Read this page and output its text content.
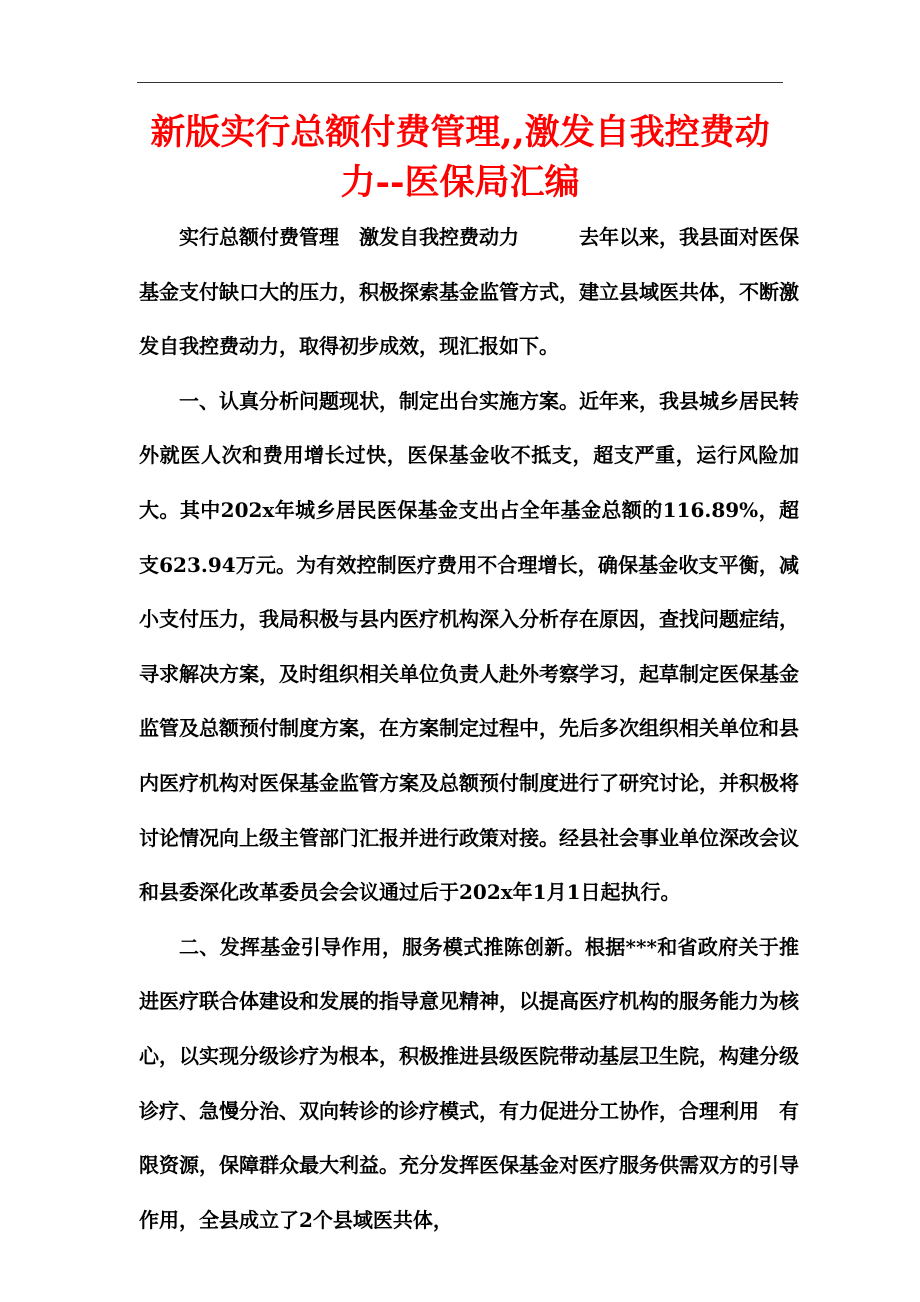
新版实行总额付费管理,,激发自我控费动力--医保局汇编

实行总额付费管理　激发自我控费动力　　　去年以来，我县面对医保基金支付缺口大的压力，积极探索基金监管方式，建立县域医共体，不断激发自我控费动力，取得初步成效，现汇报如下。

一、认真分析问题现状，制定出台实施方案。近年来，我县城乡居民转外就医人次和费用增长过快，医保基金收不抵支，超支严重，运行风险加大。其中202x年城乡居民医保基金支出占全年基金总额的116.89%，超支623.94万元。为有效控制医疗费用不合理增长，确保基金收支平衡，减小支付压力，我局积极与县内医疗机构深入分析存在原因，查找问题症结，寻求解决方案，及时组织相关单位负责人赴外考察学习，起草制定医保基金监管及总额预付制度方案，在方案制定过程中，先后多次组织相关单位和县内医疗机构对医保基金监管方案及总额预付制度进行了研究讨论，并积极将讨论情况向上级主管部门汇报并进行政策对接。经县社会事业单位深改会议和县委深化改革委员会会议通过后于202x年1月1日起执行。

二、发挥基金引导作用，服务模式推陈创新。根据***和省政府关于推进医疗联合体建设和发展的指导意见精神，以提高医疗机构的服务能力为核心，以实现分级诊疗为根本，积极推进县级医院带动基层卫生院，构建分级诊疗、急慢分治、双向转诊的诊疗模式，有力促进分工协作，合理利用　有限资源，保障群众最大利益。充分发挥医保基金对医疗服务供需双方的引导作用，全县成立了2个县域医共体，
